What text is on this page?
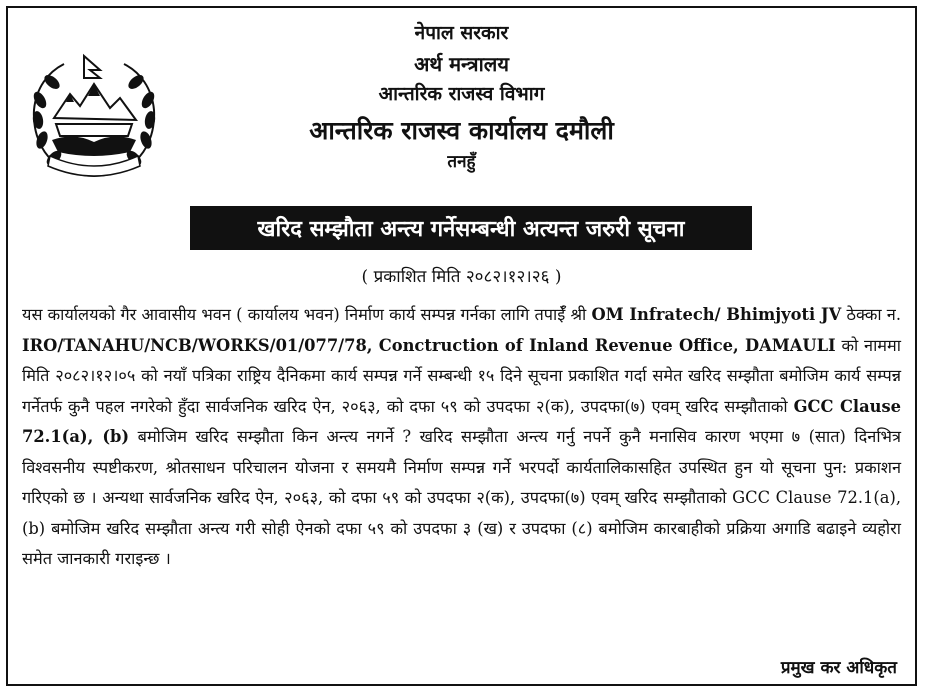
नेपाल सरकार
अर्थ मन्त्रालय
आन्तरिक राजस्व विभाग
आन्तरिक राजस्व कार्यालय दमौली
तनहुँ
खरिद सम्झौता अन्त्य गर्नेसम्बन्धी अत्यन्त जरुरी सूचना
( प्रकाशित मिति २०८२।१२।२६ )
यस कार्यालयको गैर आवासीय भवन ( कार्यालय भवन) निर्माण कार्य सम्पन्न गर्नका लागि तपाईँ श्री OM Infratech/ Bhimjyoti JV ठेक्का न. IRO/TANAHU/NCB/WORKS/01/077/78, Conctruction of Inland Revenue Office, DAMAULI को नाममा मिति २०८२।१२।०५ को नयाँ पत्रिका राष्ट्रिय दैनिकमा कार्य सम्पन्न गर्ने सम्बन्धी १५ दिने सूचना प्रकाशित गर्दा समेत खरिद सम्झौता बमोजिम कार्य सम्पन्न गर्नेतर्फ कुनै पहल नगरेको हुँदा सार्वजनिक खरिद ऐन, २०६३, को दफा ५९ को उपदफा २(क), उपदफा(७) एवम् खरिद सम्झौताको GCC Clause 72.1(a), (b) बमोजिम खरिद सम्झौता किन अन्त्य नगर्ने ? खरिद सम्झौता अन्त्य गर्नु नपर्ने कुनै मनासिव कारण भएमा ७ (सात) दिनभित्र विश्वसनीय स्पष्टीकरण, श्रोतसाधन परिचालन योजना र समयमै निर्माण सम्पन्न गर्ने भरपर्दो कार्यतालिकासहित उपस्थित हुन यो सूचना पुन: प्रकाशन गरिएको छ । अन्यथा सार्वजनिक खरिद ऐन, २०६३, को दफा ५९ को उपदफा २(क), उपदफा(७) एवम् खरिद सम्झौताको GCC Clause 72.1(a), (b) बमोजिम खरिद सम्झौता अन्त्य गरी सोही ऐनको दफा ५९ को उपदफा ३ (ख) र उपदफा (८) बमोजिम कारबाहीको प्रक्रिया अगाडि बढाइने व्यहोरा समेत जानकारी गराइन्छ ।
प्रमुख कर अधिकृत
